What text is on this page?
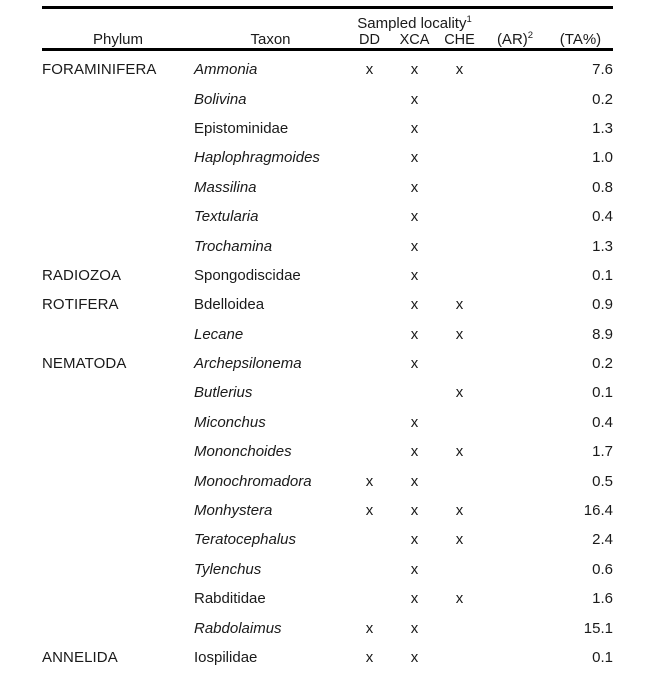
Phylum	Taxon	Sampled locality$^1$			(AR)$^2$	(TA%)
		DD	XCA	CHE		

FORAMINIFERA	Ammonia	x	x	x		7.6
	Bolivina		x			0.2
	Epistominidae		x			1.3
	Haplophragmoides		x			1.0
	Massilina		x			0.8
	Textularia		x			0.4
	Trochamina		x			1.3
RADIOZOA	Spongodiscidae		x			0.1
ROTIFERA	Bdelloidea		x	x		0.9
	Lecane		x	x		8.9
NEMATODA	Archepsilonema		x			0.2
	Butlerius			x		0.1
	Miconchus		x			0.4
	Mononchoides		x	x		1.7
	Monochromadora	x	x			0.5
	Monhystera	x	x	x		16.4
	Teratocephalus		x	x		2.4
	Tylenchus		x			0.6
	Rabditidae		x	x		1.6
	Rabdolaimus	x	x			15.1
ANNELIDA	Iospilidae	x	x			0.1
